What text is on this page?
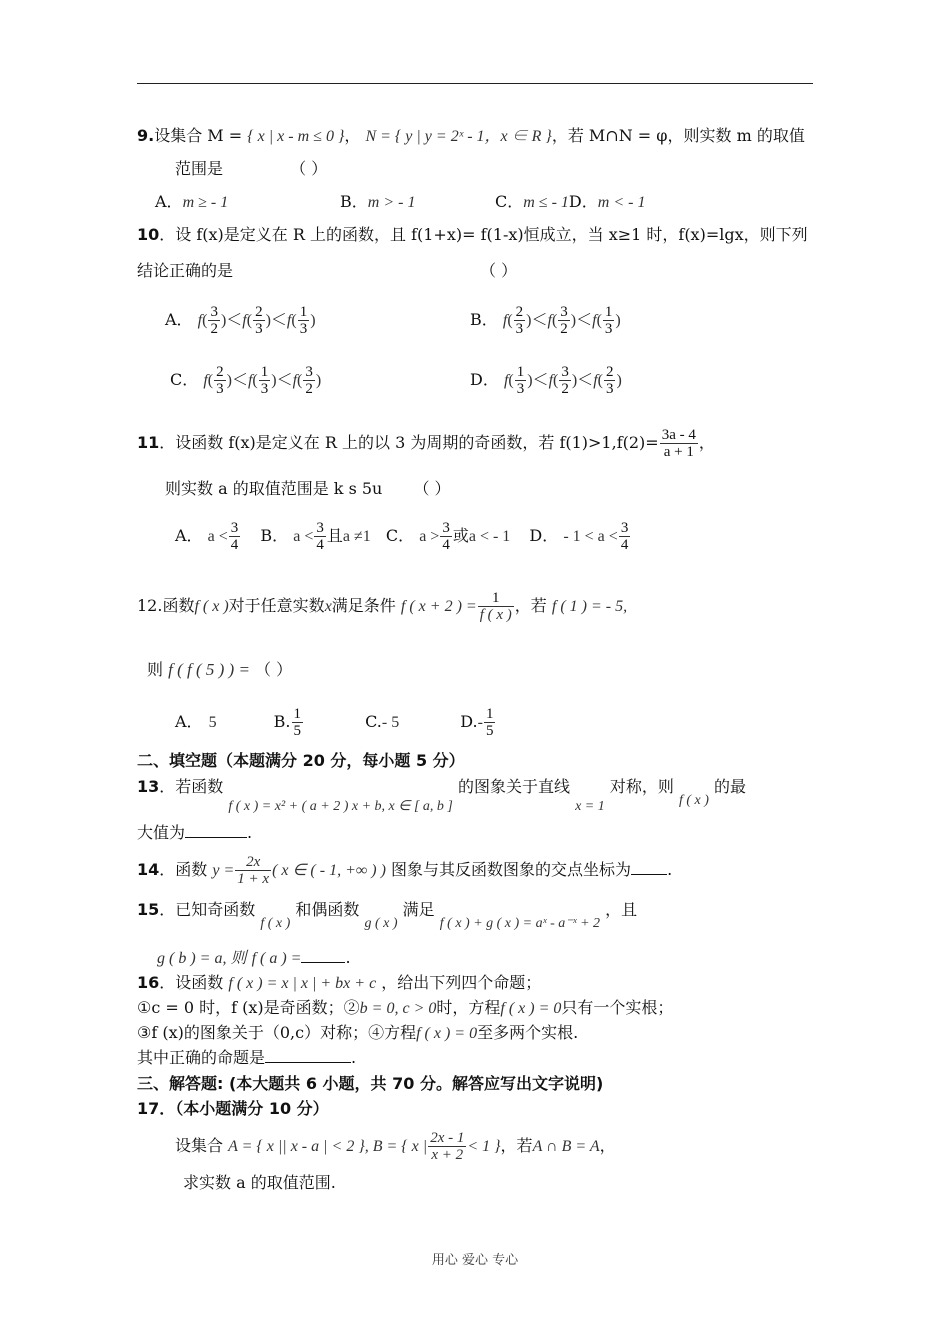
9.设集合 M = { x | x - m ≤ 0 }， N = { y | y = 2ˣ - 1，x ∈ R }，若 M∩N = φ，则实数 m 的取值
范围是	（ ）
A．m ≥ - 1	B．m > - 1	C．m ≤ - 1D．m < - 1
10．设 f(x)是定义在 R 上的函数，且 f(1+x)= f(1-x)恒成立，当 x≥1 时，f(x)=lgx，则下列
结论正确的是	（ ）
A． $f( \frac{3}{2} )<f( \frac{2}{3} )<f( \frac{1}{3}$ )	B． $f( \frac{2}{3} )<f( \frac{3}{2} )<f( \frac{1}{3}$ )
C． $f( \frac{2}{3} )<f( \frac{1}{3} )<f( \frac{3}{2}$ )	D． $f( \frac{1}{3} )<f( \frac{3}{2} )<f( \frac{2}{3}$ )
11．设函数 f(x)是定义在 R 上的以 3 为周期的奇函数，若 $f(1)>1,f(2)= \frac{3a - 4}{a + 1}$ ，
则实数 a 的取值范围是 k s 5u （ ）
A． $a < \frac{3}{4}$ B． $a < \frac{3}{4}$ 且a ≠1 C． $a > \frac{3}{4}$ 或a < - 1 D． - $1 < a < \frac{3}{4}$
12.函数f ( x )对于任意实数x满足条件 f ( x + 2 ) = $\frac{1}{f ( x )}$ ，若 f ( 1 ) = - 5,
则 f ( f ( 5 ) ) = （ ）
A． 5	B. $\frac{1}{5}$	C.- 5	$D.- \frac{1}{5}$
二、填空题（本题满分 20 分，每小题 5 分）
13．若函数 f ( x ) = x² + ( a + 2 ) x + b, x ∈ [ a, b ] 的图象关于直线 x = 1 对称，则 f ( x ) 的最
大值为	.
14．函数 $y = \frac{2x}{1 + x}$ ( x ∈ ( - 1, +∞ ) ) 图象与其反函数图象的交点坐标为 .
15．已知奇函数 f ( x ) 和偶函数 g ( x ) 满足 f ( x ) + g ( x ) = aˣ - a⁻ˣ + 2 ，且
g ( b ) = a, 则 f ( a ) =	.
16．设函数 f ( x ) = x | x | + bx + c ，给出下列四个命题；
①c = 0 时，f (x)是奇函数；②b = 0, c > 0时，方程f ( x ) = 0只有一个实根；
③f (x)的图象关于（0,c）对称；④方程f ( x ) = 0至多两个实根.
其中正确的命题是	.
三、解答题: (本大题共 6 小题，共 70 分。解答应写出文字说明)
17．（本小题满分 10 分）
设集合 A = { x || x - a | < 2 }, B = { x | $\frac{2x - 1}{x + 2} < 1$ }，若A ∩ B = A，
求实数 a 的取值范围.
用心 爱心 专心
